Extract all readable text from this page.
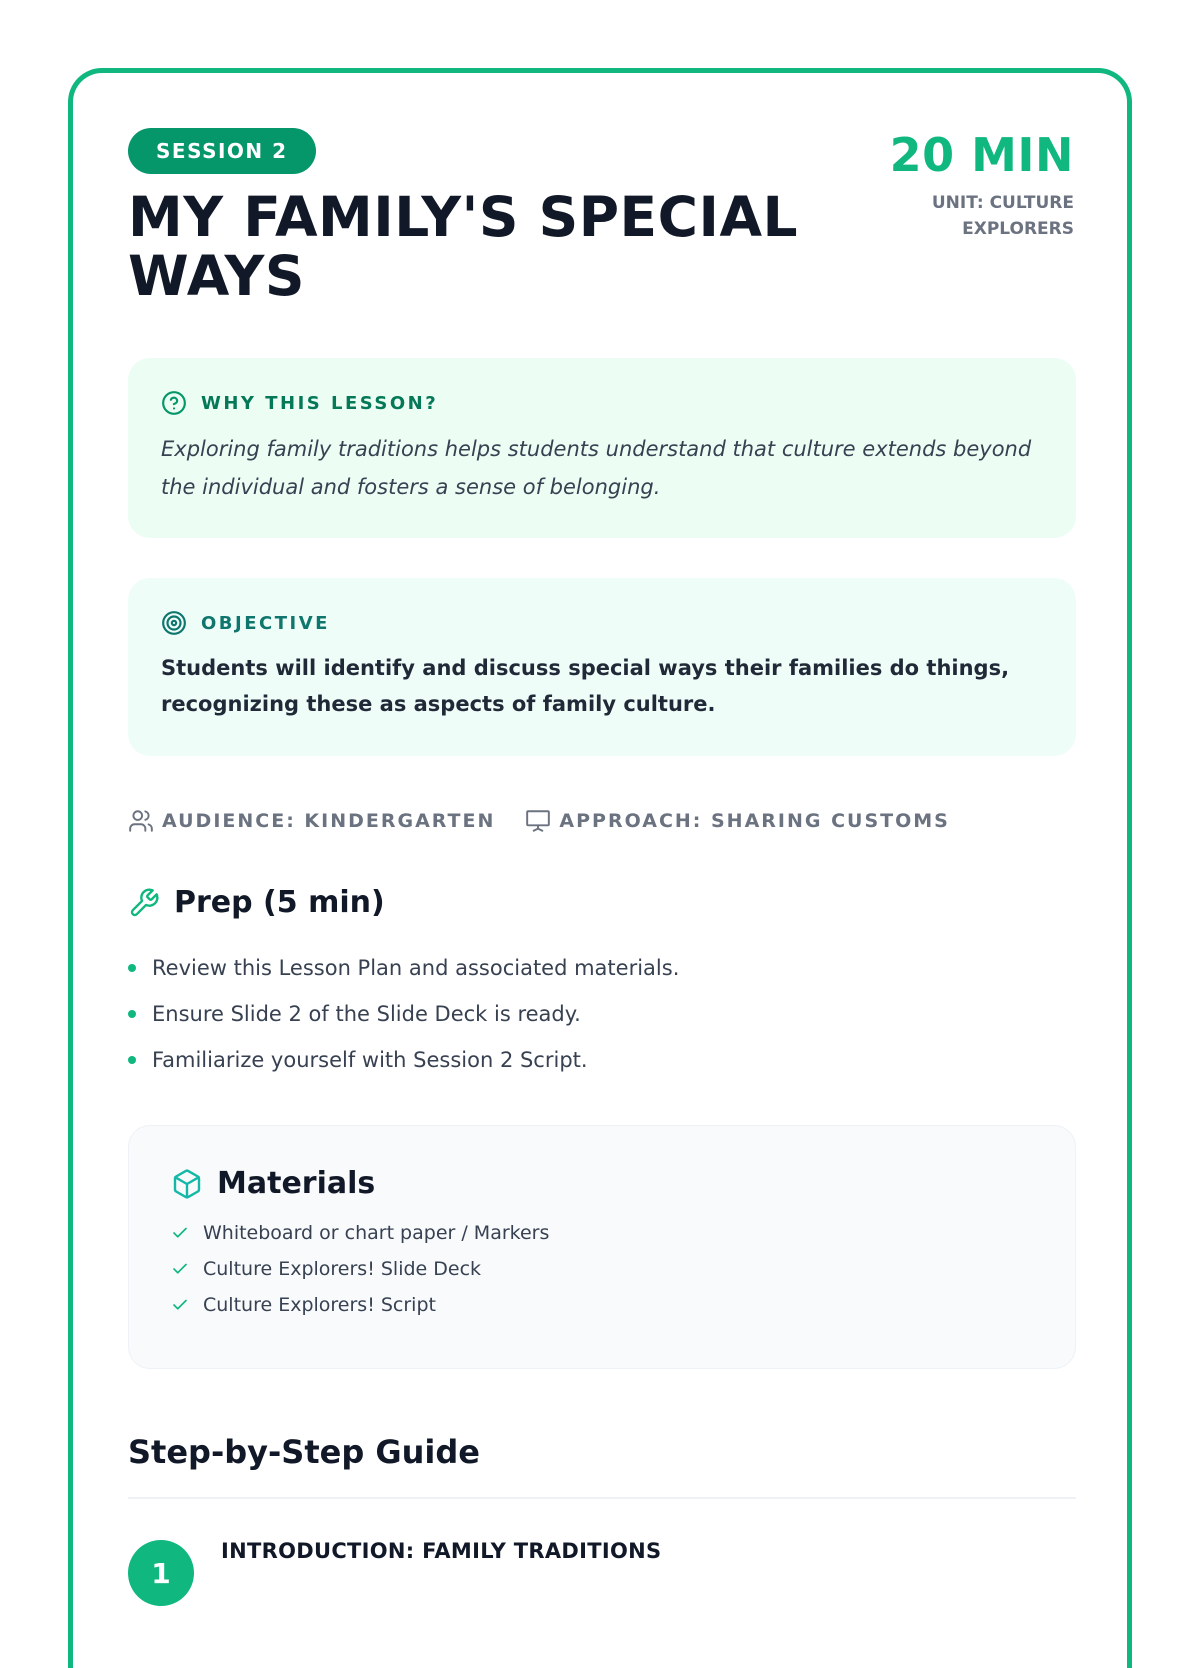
SESSION 2
MY FAMILY'S SPECIAL WAYS
20 MIN
UNIT: CULTURE EXPLORERS
WHY THIS LESSON?
Exploring family traditions helps students understand that culture extends beyond the individual and fosters a sense of belonging.
OBJECTIVE
Students will identify and discuss special ways their families do things, recognizing these as aspects of family culture.
AUDIENCE: KINDERGARTEN	APPROACH: SHARING CUSTOMS
Prep (5 min)
Review this Lesson Plan and associated materials.
Ensure Slide 2 of the Slide Deck is ready.
Familiarize yourself with Session 2 Script.
Materials
Whiteboard or chart paper / Markers
Culture Explorers! Slide Deck
Culture Explorers! Script
Step-by-Step Guide
1
INTRODUCTION: FAMILY TRADITIONS
